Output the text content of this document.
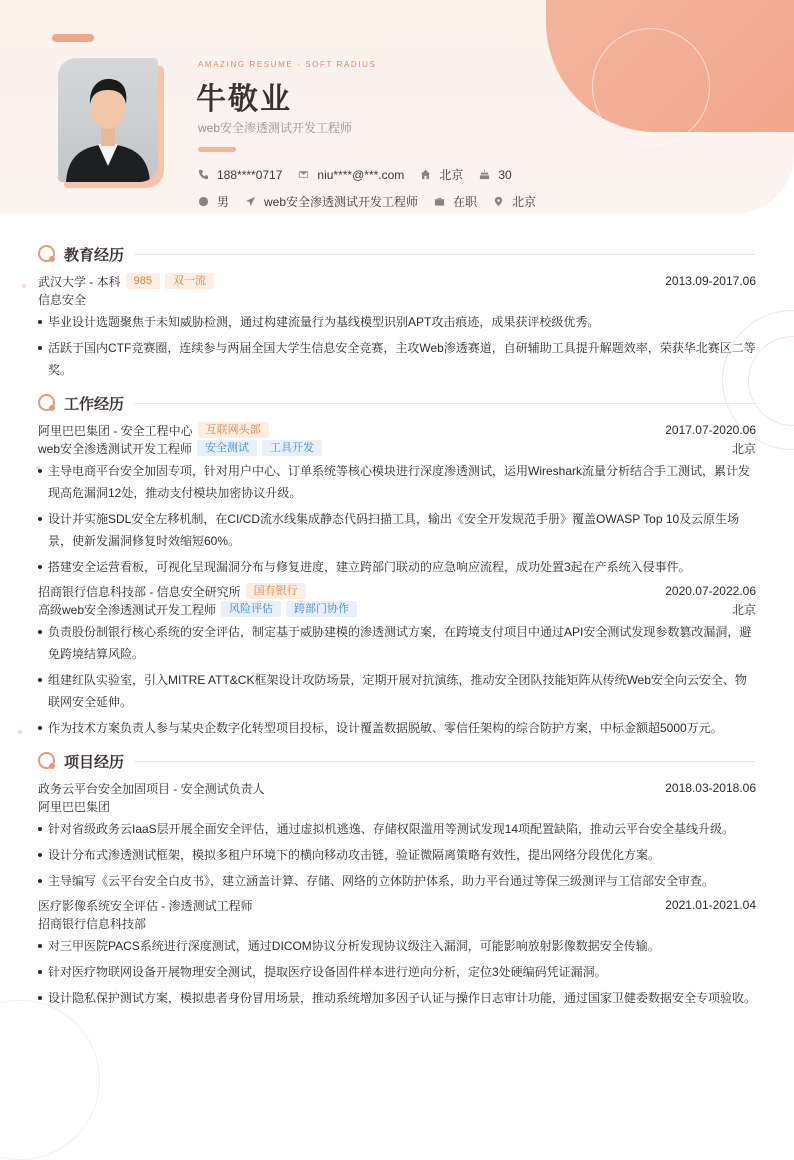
AMAZING RESUME · SOFT RADIUS
牛敬业
web安全渗透测试开发工程师
188****0717	niu****@***.com	北京	30
男	web安全渗透测试开发工程师	在职	北京
教育经历
武汉大学 - 本科	985	双一流	2013.09-2017.06
信息安全
毕业设计选题聚焦于未知威胁检测，通过构建流量行为基线模型识别APT攻击痕迹，成果获评校级优秀。
活跃于国内CTF竞赛圈，连续参与两届全国大学生信息安全竞赛，主攻Web渗透赛道，自研辅助工具提升解题效率，荣获华北赛区二等奖。
工作经历
阿里巴巴集团 - 安全工程中心	互联网头部	2017.07-2020.06
web安全渗透测试开发工程师	安全测试	工具开发	北京
主导电商平台安全加固专项，针对用户中心、订单系统等核心模块进行深度渗透测试，运用Wireshark流量分析结合手工测试，累计发现高危漏洞12处，推动支付模块加密协议升级。
设计并实施SDL安全左移机制，在CI/CD流水线集成静态代码扫描工具，输出《安全开发规范手册》覆盖OWASP Top 10及云原生场景，使新发漏洞修复时效缩短60%。
搭建安全运营看板，可视化呈现漏洞分布与修复进度，建立跨部门联动的应急响应流程，成功处置3起在产系统入侵事件。
招商银行信息科技部 - 信息安全研究所	国有银行	2020.07-2022.06
高级web安全渗透测试开发工程师	风险评估	跨部门协作	北京
负责股份制银行核心系统的安全评估，制定基于威胁建模的渗透测试方案，在跨境支付项目中通过API安全测试发现参数篡改漏洞，避免跨境结算风险。
组建红队实验室，引入MITRE ATT&CK框架设计攻防场景，定期开展对抗演练，推动安全团队技能矩阵从传统Web安全向云安全、物联网安全延伸。
作为技术方案负责人参与某央企数字化转型项目投标，设计覆盖数据脱敏、零信任架构的综合防护方案，中标金额超5000万元。
项目经历
政务云平台安全加固项目 - 安全测试负责人	2018.03-2018.06
阿里巴巴集团
针对省级政务云IaaS层开展全面安全评估，通过虚拟机逃逸、存储权限滥用等测试发现14项配置缺陷，推动云平台安全基线升级。
设计分布式渗透测试框架，模拟多租户环境下的横向移动攻击链，验证微隔离策略有效性，提出网络分段优化方案。
主导编写《云平台安全白皮书》，建立涵盖计算、存储、网络的立体防护体系，助力平台通过等保三级测评与工信部安全审查。
医疗影像系统安全评估 - 渗透测试工程师	2021.01-2021.04
招商银行信息科技部
对三甲医院PACS系统进行深度测试，通过DICOM协议分析发现协议级注入漏洞，可能影响放射影像数据安全传输。
针对医疗物联网设备开展物理安全测试，提取医疗设备固件样本进行逆向分析，定位3处硬编码凭证漏洞。
设计隐私保护测试方案，模拟患者身份冒用场景，推动系统增加多因子认证与操作日志审计功能，通过国家卫健委数据安全专项验收。
